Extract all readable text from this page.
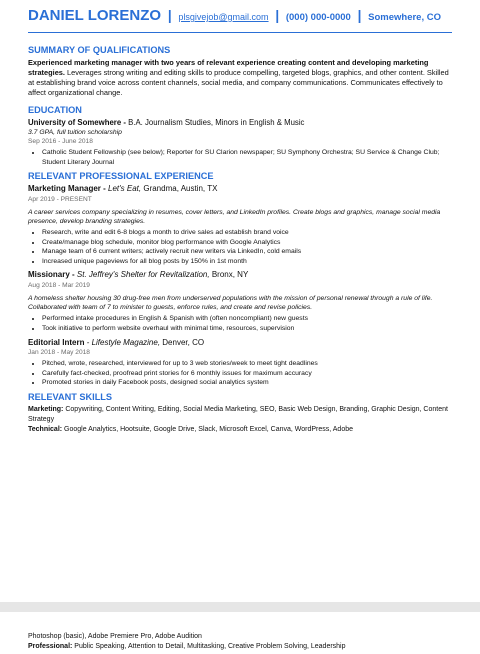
DANIEL LORENZO | plsgivejob@gmail.com | (000) 000-0000 | Somewhere, CO
SUMMARY OF QUALIFICATIONS

Experienced marketing manager with two years of relevant experience creating content and developing marketing strategies. Leverages strong writing and editing skills to produce compelling, targeted blogs, graphics, and other content. Skilled at establishing brand voice across content channels, social media, and company communications. Communicates effectively to affect organizational change.

EDUCATION
University of Somewhere - B.A. Journalism Studies, Minors in English & Music
3.7 GPA, full tuition scholarship
Sep 2016 - June 2018
• Catholic Student Fellowship (see below); Reporter for SU Clarion newspaper; SU Symphony Orchestra; SU Service & Change Club; Student Literary Journal
RELEVANT PROFESSIONAL EXPERIENCE
Marketing Manager - Let's Eat, Grandma, Austin, TX
Apr 2019 - PRESENT
A career services company specializing in resumes, cover letters, and LinkedIn profiles. Create blogs and graphics, manage social media presence, develop branding strategies.
• Research, write and edit 6-8 blogs a month to drive sales ad establish brand voice
• Create/manage blog schedule, monitor blog performance with Google Analytics
• Manage team of 6 current writers; actively recruit new writers via LinkedIn, cold emails
• Increased unique pageviews for all blog posts by 150% in 1st month
Missionary - St. Jeffrey's Shelter for Revitalization, Bronx, NY
Aug 2018 - Mar 2019
A homeless shelter housing 30 drug-free men from underserved populations with the mission of personal renewal through a rule of life. Collaborated with team of 7 to minister to guests, enforce rules, and create and revise policies.
• Performed intake procedures in English & Spanish with (often noncompliant) new guests
• Took initiative to perform website overhaul with minimal time, resources, supervision
Editorial Intern - Lifestyle Magazine, Denver, CO
Jan 2018 - May 2018
• Pitched, wrote, researched, interviewed for up to 3 web stories/week to meet tight deadlines
• Carefully fact-checked, proofread print stories for 6 monthly issues for maximum accuracy
• Promoted stories in daily Facebook posts, designed social analytics system
RELEVANT SKILLS

Marketing: Copywriting, Content Writing, Editing, Social Media Marketing, SEO, Basic Web Design, Branding, Graphic Design, Content Strategy

Technical: Google Analytics, Hootsuite, Google Drive, Slack, Microsoft Excel, Canva, WordPress, Adobe

Photoshop (basic), Adobe Premiere Pro, Adobe Audition

Professional: Public Speaking, Attention to Detail, Multitasking, Creative Problem Solving, Leadership
